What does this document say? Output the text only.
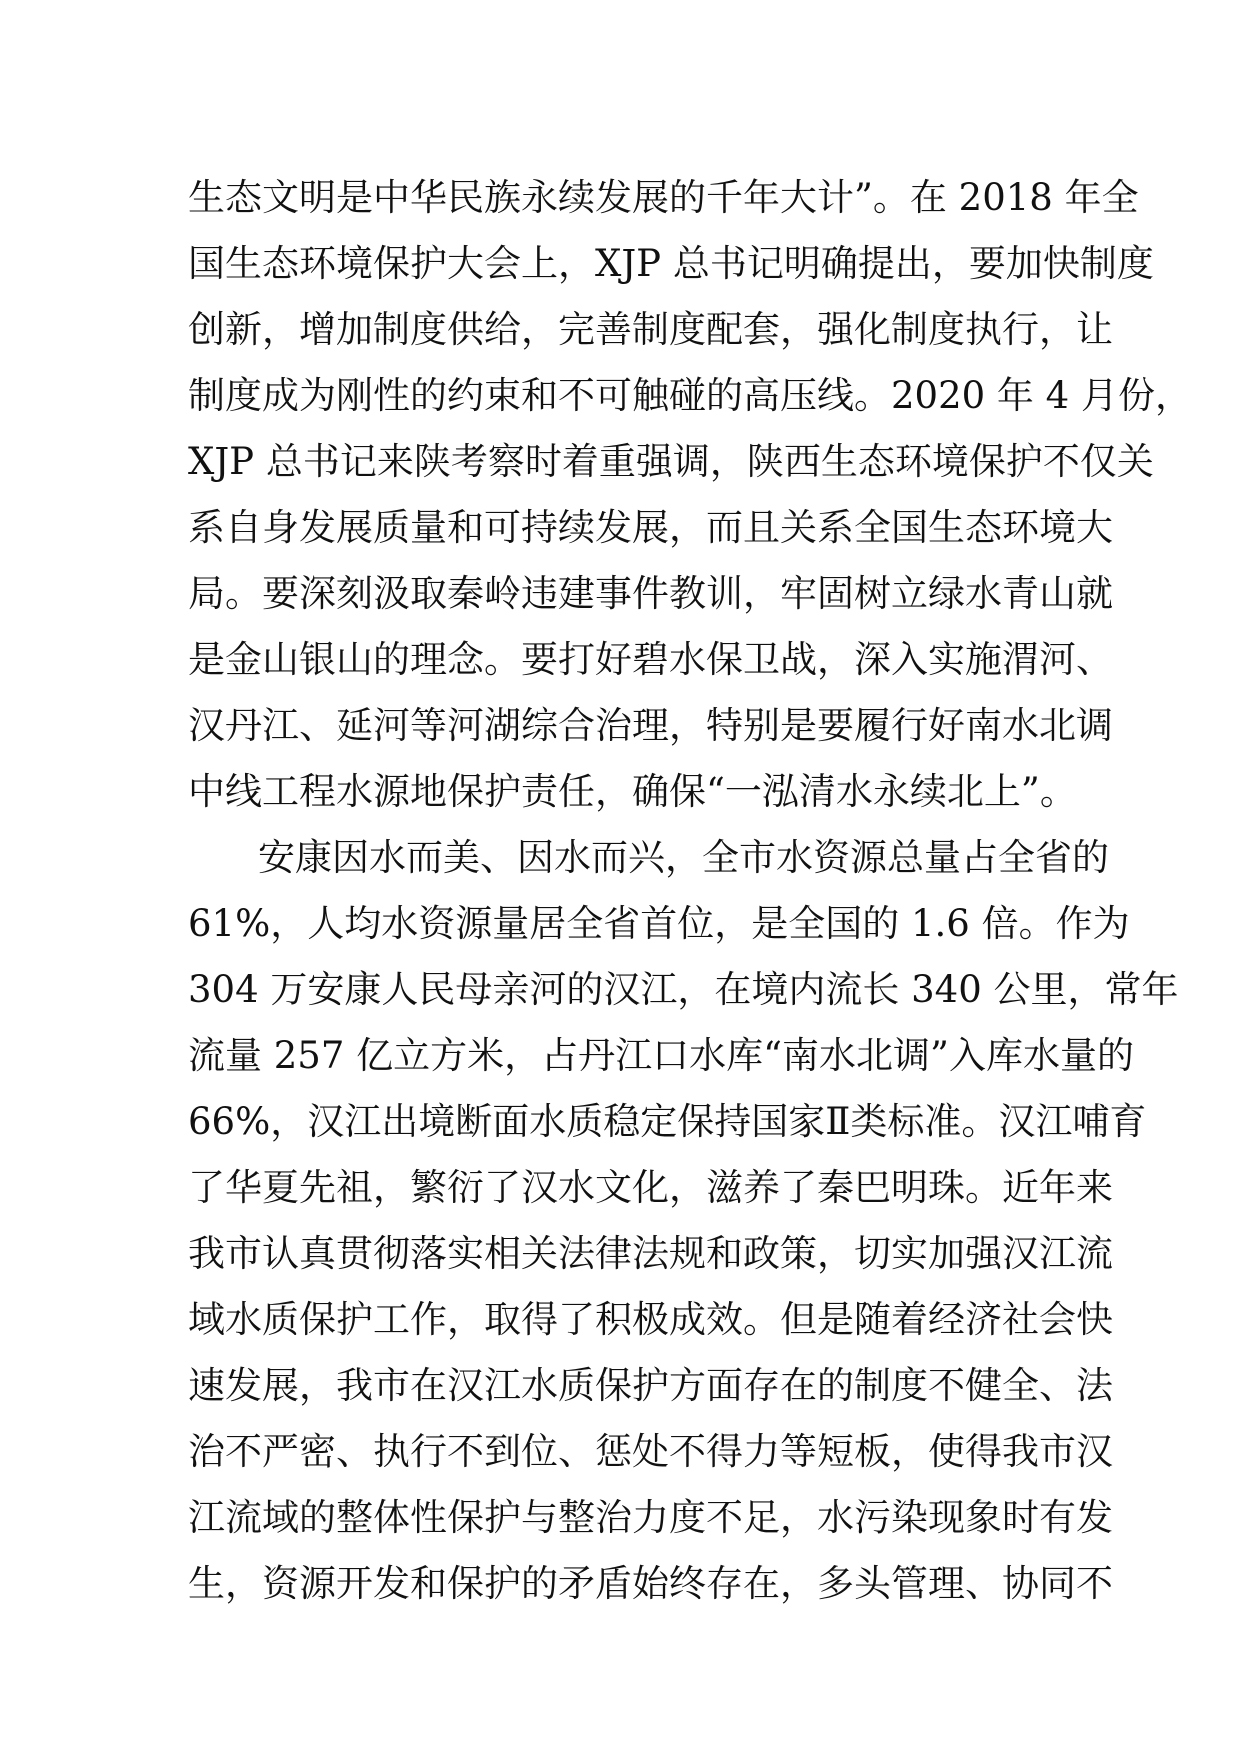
生态文明是中华民族永续发展的千年大计”。在 2018 年全
国生态环境保护大会上，XJP 总书记明确提出，要加快制度
创新，增加制度供给，完善制度配套，强化制度执行，让
制度成为刚性的约束和不可触碰的高压线。2020 年 4 月份，
XJP 总书记来陕考察时着重强调，陕西生态环境保护不仅关
系自身发展质量和可持续发展，而且关系全国生态环境大
局。要深刻汲取秦岭违建事件教训，牢固树立绿水青山就
是金山银山的理念。要打好碧水保卫战，深入实施渭河、
汉丹江、延河等河湖综合治理，特别是要履行好南水北调
中线工程水源地保护责任，确保“一泓清水永续北上”。
安康因水而美、因水而兴，全市水资源总量占全省的
61%，人均水资源量居全省首位，是全国的 1.6 倍。作为
304 万安康人民母亲河的汉江，在境内流长 340 公里，常年
流量 257 亿立方米，占丹江口水库“南水北调”入库水量的
66%，汉江出境断面水质稳定保持国家Ⅱ类标准。汉江哺育
了华夏先祖，繁衍了汉水文化，滋养了秦巴明珠。近年来
我市认真贯彻落实相关法律法规和政策，切实加强汉江流
域水质保护工作，取得了积极成效。但是随着经济社会快
速发展，我市在汉江水质保护方面存在的制度不健全、法
治不严密、执行不到位、惩处不得力等短板，使得我市汉
江流域的整体性保护与整治力度不足，水污染现象时有发
生，资源开发和保护的矛盾始终存在，多头管理、协同不
